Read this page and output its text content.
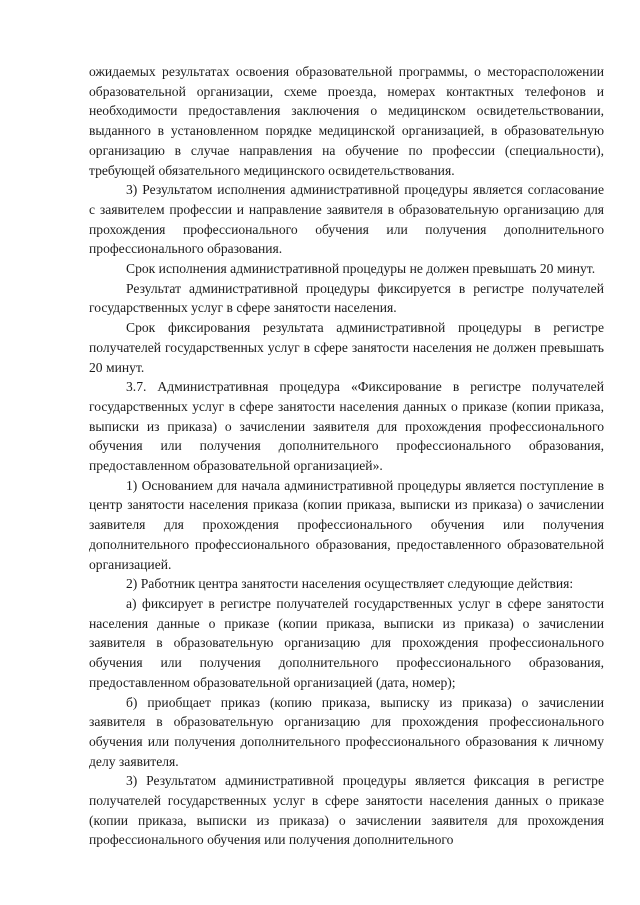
ожидаемых результатах освоения образовательной программы, о месторасположении образовательной организации, схеме проезда, номерах контактных телефонов и необходимости предоставления заключения о медицинском освидетельствовании, выданного в установленном порядке медицинской организацией, в образовательную организацию в случае направления на обучение по профессии (специальности), требующей обязательного медицинского освидетельствования.

3) Результатом исполнения административной процедуры является согласование с заявителем профессии и направление заявителя в образовательную организацию для прохождения профессионального обучения или получения дополнительного профессионального образования.

Срок исполнения административной процедуры не должен превышать 20 минут.

Результат административной процедуры фиксируется в регистре получателей государственных услуг в сфере занятости населения.

Срок фиксирования результата административной процедуры в регистре получателей государственных услуг в сфере занятости населения не должен превышать 20 минут.

3.7. Административная процедура «Фиксирование в регистре получателей государственных услуг в сфере занятости населения данных о приказе (копии приказа, выписки из приказа) о зачислении заявителя для прохождения профессионального обучения или получения дополнительного профессионального образования, предоставленном образовательной организацией».

1) Основанием для начала административной процедуры является поступление в центр занятости населения приказа (копии приказа, выписки из приказа) о зачислении заявителя для прохождения профессионального обучения или получения дополнительного профессионального образования, предоставленного образовательной организацией.

2) Работник центра занятости населения осуществляет следующие действия:

а) фиксирует в регистре получателей государственных услуг в сфере занятости населения данные о приказе (копии приказа, выписки из приказа) о зачислении заявителя в образовательную организацию для прохождения профессионального обучения или получения дополнительного профессионального образования, предоставленном образовательной организацией (дата, номер);

б) приобщает приказ (копию приказа, выписку из приказа) о зачислении заявителя в образовательную организацию для прохождения профессионального обучения или получения дополнительного профессионального образования к личному делу заявителя.

3) Результатом административной процедуры является фиксация в регистре получателей государственных услуг в сфере занятости населения данных о приказе (копии приказа, выписки из приказа) о зачислении заявителя для прохождения профессионального обучения или получения дополнительного
